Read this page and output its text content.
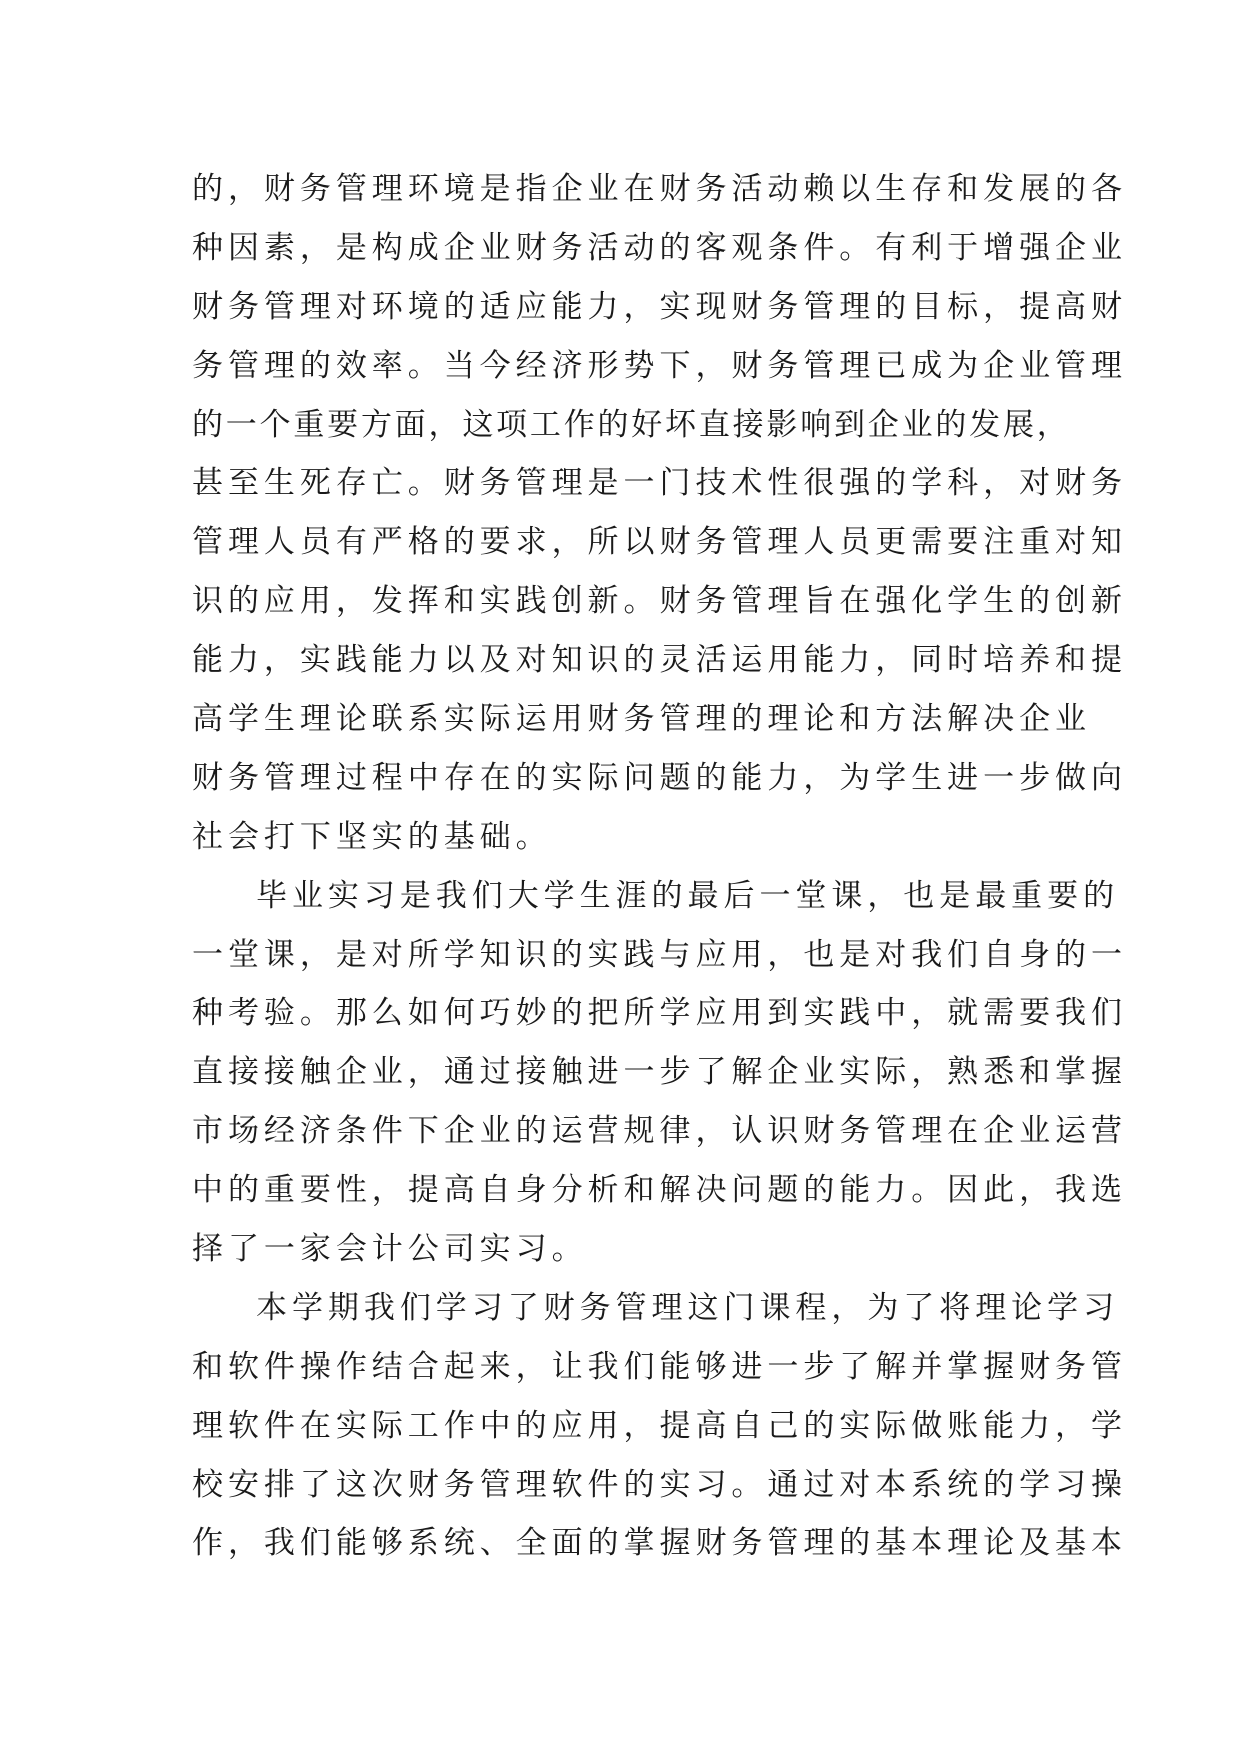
的，财务管理环境是指企业在财务活动赖以生存和发展的各
种因素，是构成企业财务活动的客观条件。有利于增强企业
财务管理对环境的适应能力，实现财务管理的目标，提高财
务管理的效率。当今经济形势下，财务管理已成为企业管理
的一个重要方面，这项工作的好坏直接影响到企业的发展，
甚至生死存亡。财务管理是一门技术性很强的学科，对财务
管理人员有严格的要求，所以财务管理人员更需要注重对知
识的应用，发挥和实践创新。财务管理旨在强化学生的创新
能力，实践能力以及对知识的灵活运用能力，同时培养和提
高学生理论联系实际运用财务管理的理论和方法解决企业
财务管理过程中存在的实际问题的能力，为学生进一步做向
社会打下坚实的基础。
毕业实习是我们大学生涯的最后一堂课，也是最重要的
一堂课，是对所学知识的实践与应用，也是对我们自身的一
种考验。那么如何巧妙的把所学应用到实践中，就需要我们
直接接触企业，通过接触进一步了解企业实际，熟悉和掌握
市场经济条件下企业的运营规律，认识财务管理在企业运营
中的重要性，提高自身分析和解决问题的能力。因此，我选
择了一家会计公司实习。
本学期我们学习了财务管理这门课程，为了将理论学习
和软件操作结合起来，让我们能够进一步了解并掌握财务管
理软件在实际工作中的应用，提高自己的实际做账能力，学
校安排了这次财务管理软件的实习。通过对本系统的学习操
作，我们能够系统、全面的掌握财务管理的基本理论及基本
